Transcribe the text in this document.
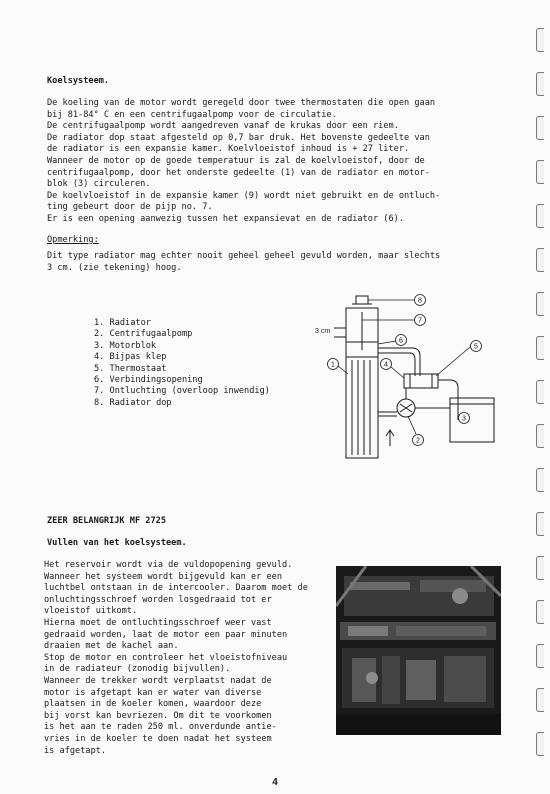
Koelsysteem.
De koeling van de motor wordt geregeld door twee thermostaten die open gaan
bij 81-84° C en een centrifugaalpomp voor de circulatie.
De centrifugaalpomp wordt aangedreven vanaf de krukas door een riem.
De radiator dop staat afgesteld op 0,7 bar druk. Het bovenste gedeelte van
de radiator is een expansie kamer. Koelvloeistof inhoud is + 27 liter.
Wanneer de motor op de goede temperatuur is zal de koelvloeistof, door de
centrifugaalpomp, door het onderste gedeelte (1) van de radiator en motor-
blok (3) circuleren.
De koelvloeistof in de expansie kamer (9) wordt niet gebruikt en de ontluch-
ting gebeurt door de pijp no. 7.
Er is een opening aanwezig tussen het expansievat en de radiator (6).
Opmerking:
Dit type radiator mag echter nooit geheel geheel gevuld worden, maar slechts
3 cm. (zie tekening) hoog.
1. Radiator
2. Centrifugaalpomp
3. Motorblok
4. Bijpas klep
5. Thermostaat
6. Verbindingsopening
7. Ontluchting (overloop inwendig)
8. Radiator dop
3 cm
8
7
6
4
5
1
2
3
ZEER BELANGRIJK MF 2725
Vullen van het koelsysteem.
Het reservoir wordt via de vuldopopening gevuld.
Wanneer het systeem wordt bijgevuld kan er een
luchtbel ontstaan in de intercooler. Daarom moet de
onluchtingsschroef worden losgedraaid tot er
vloeistof uitkomt.
Hierna moet de ontluchtingsschroef weer vast
gedraaid worden, laat de motor een paar minuten
draaien met de kachel aan.
Stop de motor en controleer het vloeistofniveau
in de radiateur (zonodig bijvullen).
Wanneer de trekker wordt verplaatst nadat de
motor is afgetapt kan er water van diverse
plaatsen in de koeler komen, waardoor deze
bij vorst kan bevriezen. Om dit te voorkomen
is het aan te raden 250 ml. onverdunde antie-
vries in de koeler te doen nadat het systeem
is afgetapt.
4
